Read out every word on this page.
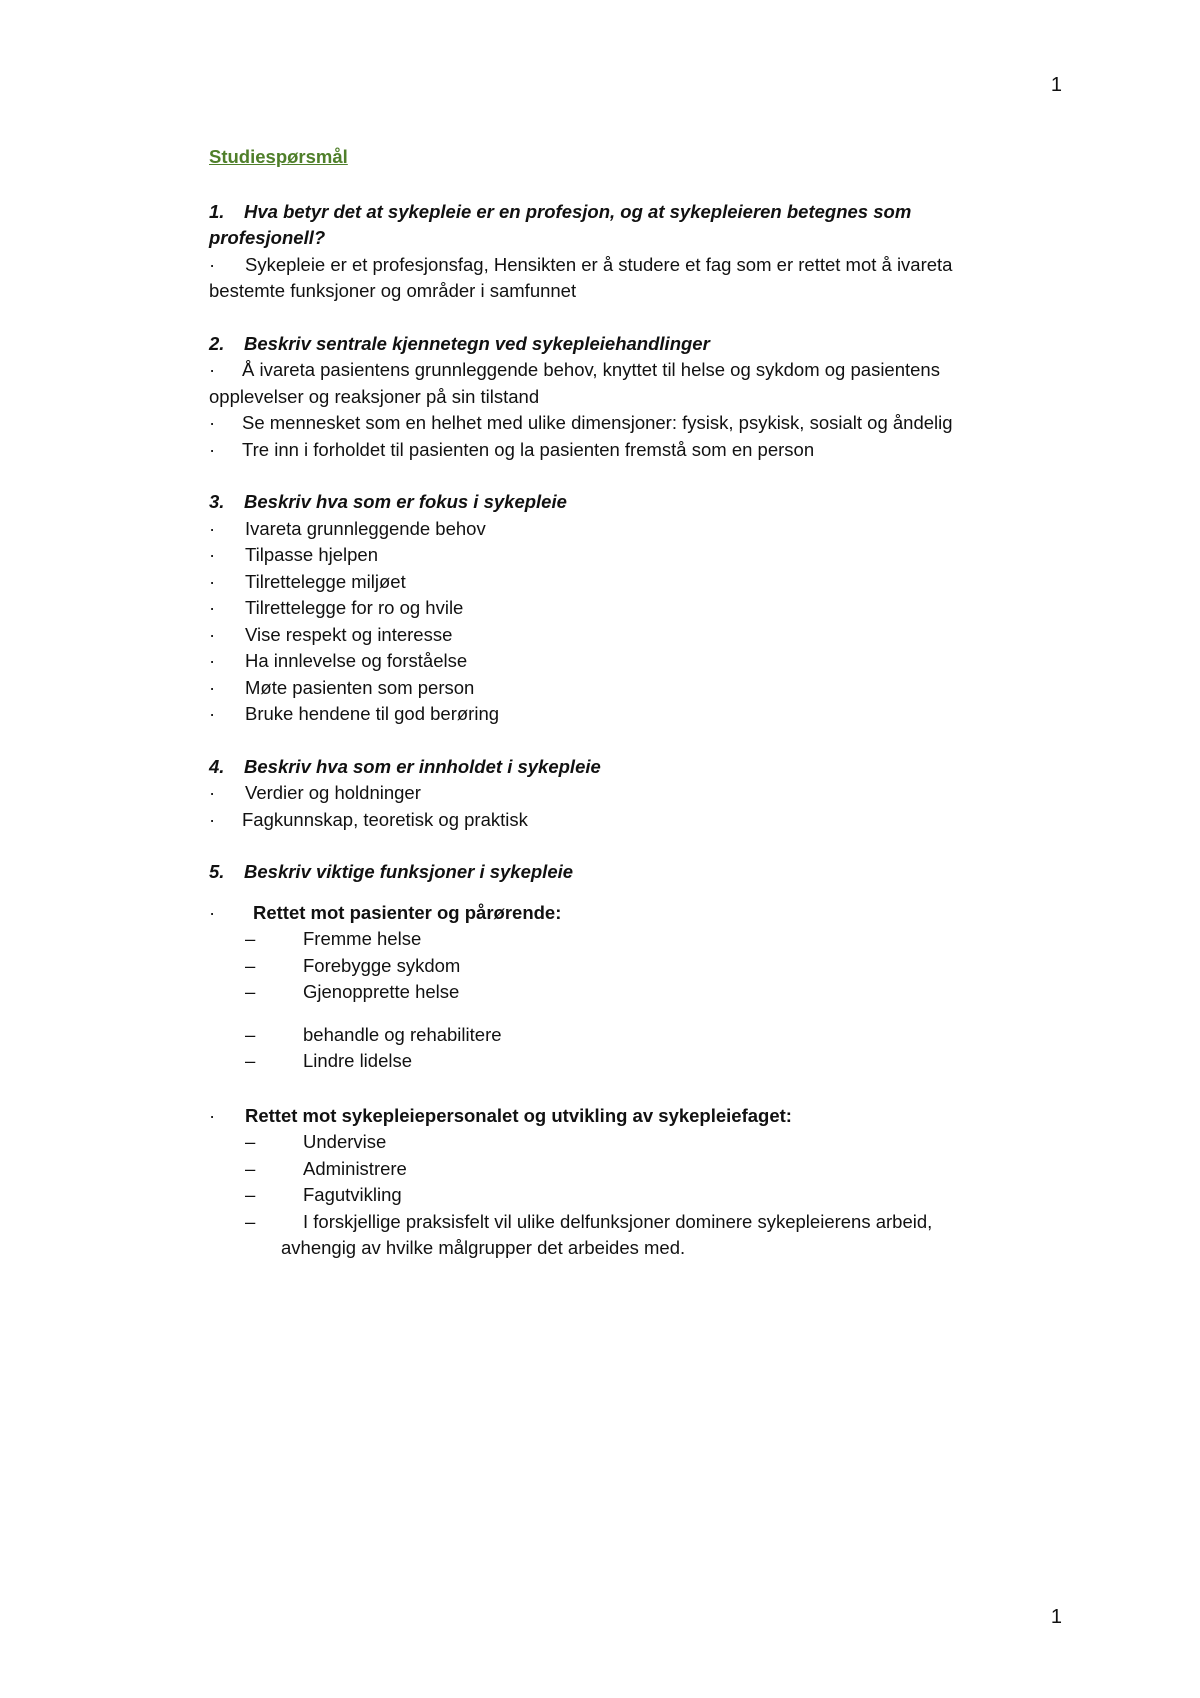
1

Studiespørsmål

1. Hva betyr det at sykepleie er en profesjon, og at sykepleieren betegnes som profesjonell?

· Sykepleie er et profesjonsfag, Hensikten er å studere et fag som er rettet mot å ivareta bestemte funksjoner og områder i samfunnet

2. Beskriv sentrale kjennetegn ved sykepleiehandlinger

· Å ivareta pasientens grunnleggende behov, knyttet til helse og sykdom og pasientens opplevelser og reaksjoner på sin tilstand

· Se mennesket som en helhet med ulike dimensjoner: fysisk, psykisk, sosialt og åndelig

· Tre inn i forholdet til pasienten og la pasienten fremstå som en person

3. Beskriv hva som er fokus i sykepleie

· Ivareta grunnleggende behov

· Tilpasse hjelpen

· Tilrettelegge miljøet

· Tilrettelegge for ro og hvile

· Vise respekt og interesse

· Ha innlevelse og forståelse

· Møte pasienten som person

· Bruke hendene til god berøring

4. Beskriv hva som er innholdet i sykepleie

· Verdier og holdninger

· Fagkunnskap, teoretisk og praktisk

5. Beskriv viktige funksjoner i sykepleie

· Rettet mot pasienter og pårørende:

–	Fremme helse

–	Forebygge sykdom

–	Gjenopprette helse

–	behandle og rehabilitere

–	Lindre lidelse

· Rettet mot sykepleiepersonalet og utvikling av sykepleiefaget:

–	Undervise

–	Administrere

–	Fagutvikling

–	I forskjellige praksisfelt vil ulike delfunksjoner dominere sykepleierens arbeid,

avhengig av hvilke målgrupper det arbeides med.

1
